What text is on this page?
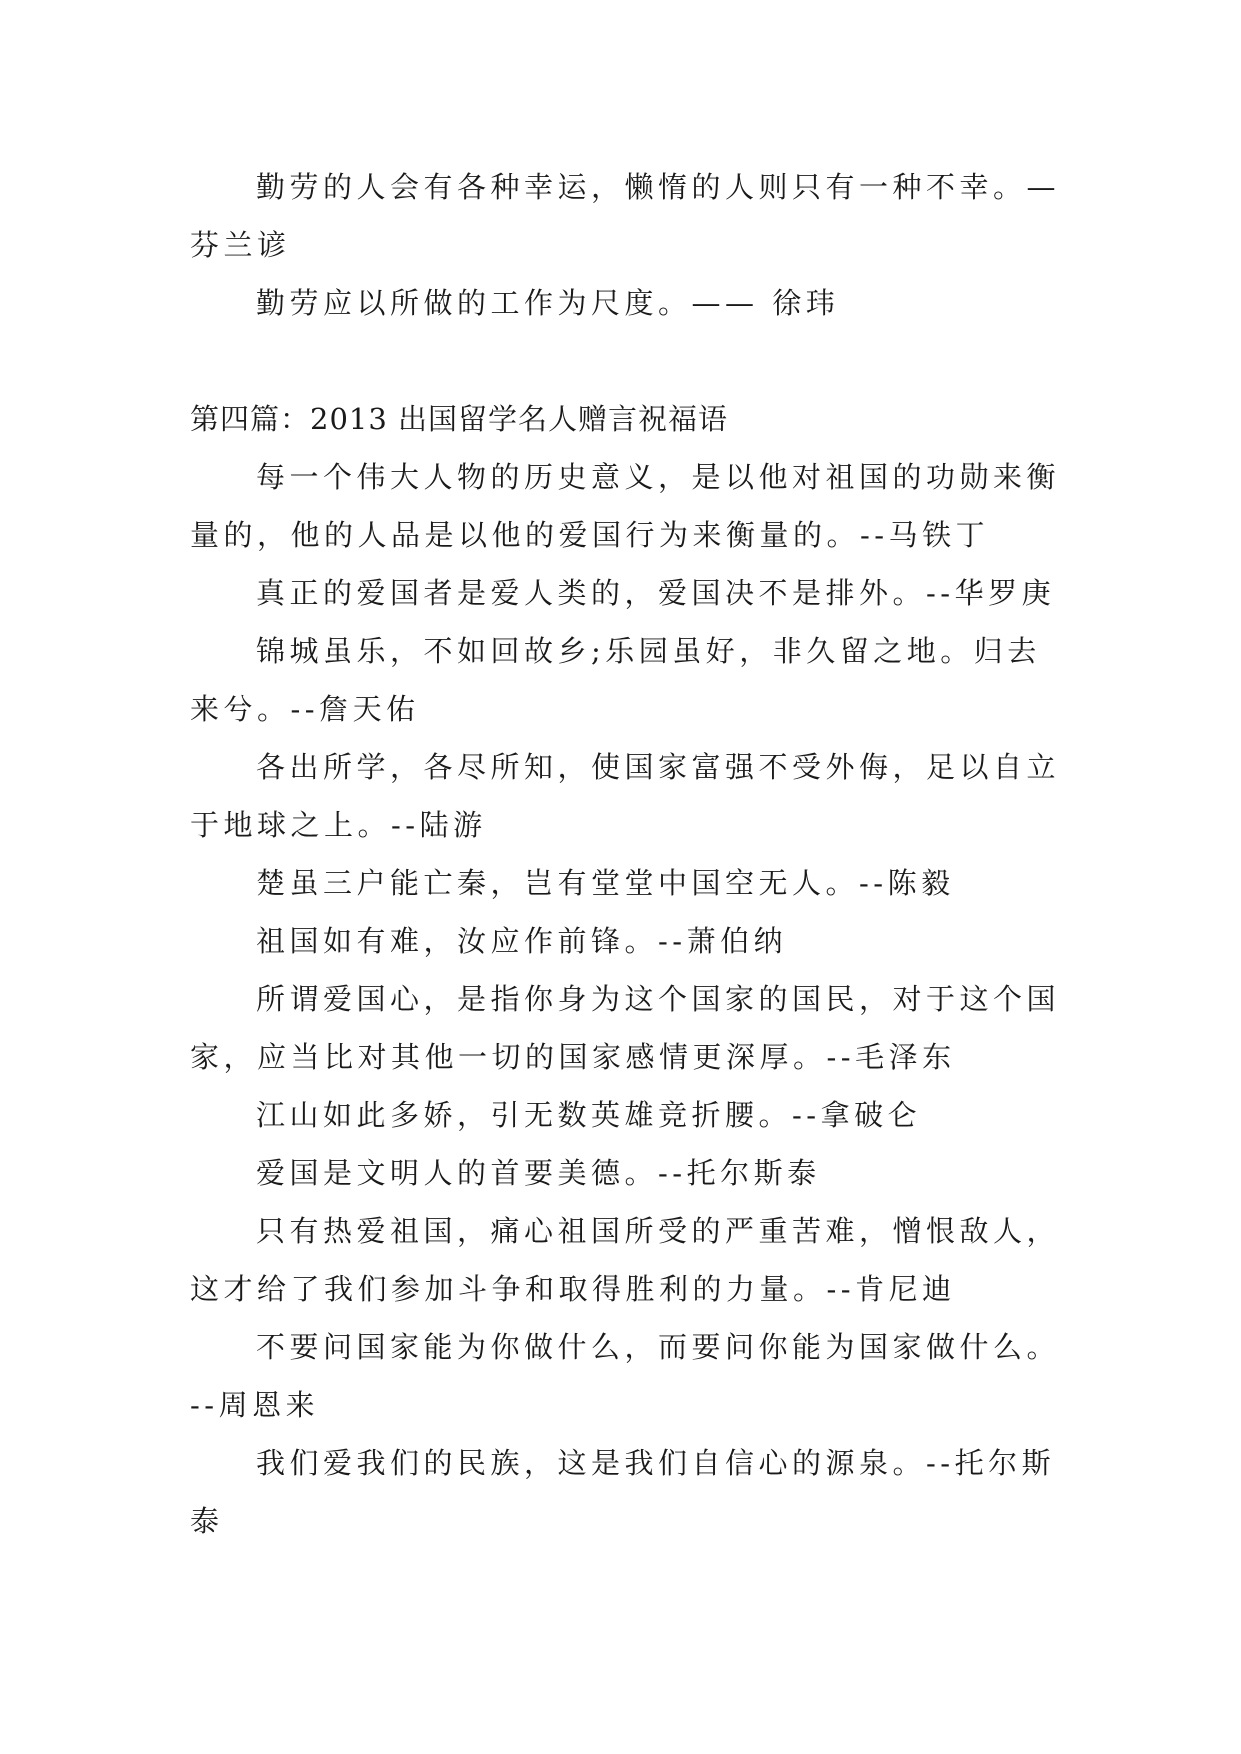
勤劳的人会有各种幸运，懒惰的人则只有一种不幸。—芬兰谚

勤劳应以所做的工作为尺度。—— 徐玮

第四篇：2013 出国留学名人赠言祝福语

每一个伟大人物的历史意义，是以他对祖国的功勋来衡量的，他的人品是以他的爱国行为来衡量的。--马铁丁

真正的爱国者是爱人类的，爱国决不是排外。--华罗庚

锦城虽乐，不如回故乡;乐园虽好，非久留之地。归去来兮。--詹天佑

各出所学，各尽所知，使国家富强不受外侮，足以自立于地球之上。--陆游

楚虽三户能亡秦，岂有堂堂中国空无人。--陈毅

祖国如有难，汝应作前锋。--萧伯纳

所谓爱国心，是指你身为这个国家的国民，对于这个国家，应当比对其他一切的国家感情更深厚。--毛泽东

江山如此多娇，引无数英雄竞折腰。--拿破仑

爱国是文明人的首要美德。--托尔斯泰

只有热爱祖国，痛心祖国所受的严重苦难，憎恨敌人，这才给了我们参加斗争和取得胜利的力量。--肯尼迪

不要问国家能为你做什么，而要问你能为国家做什么。--周恩来

我们爱我们的民族，这是我们自信心的源泉。--托尔斯泰
